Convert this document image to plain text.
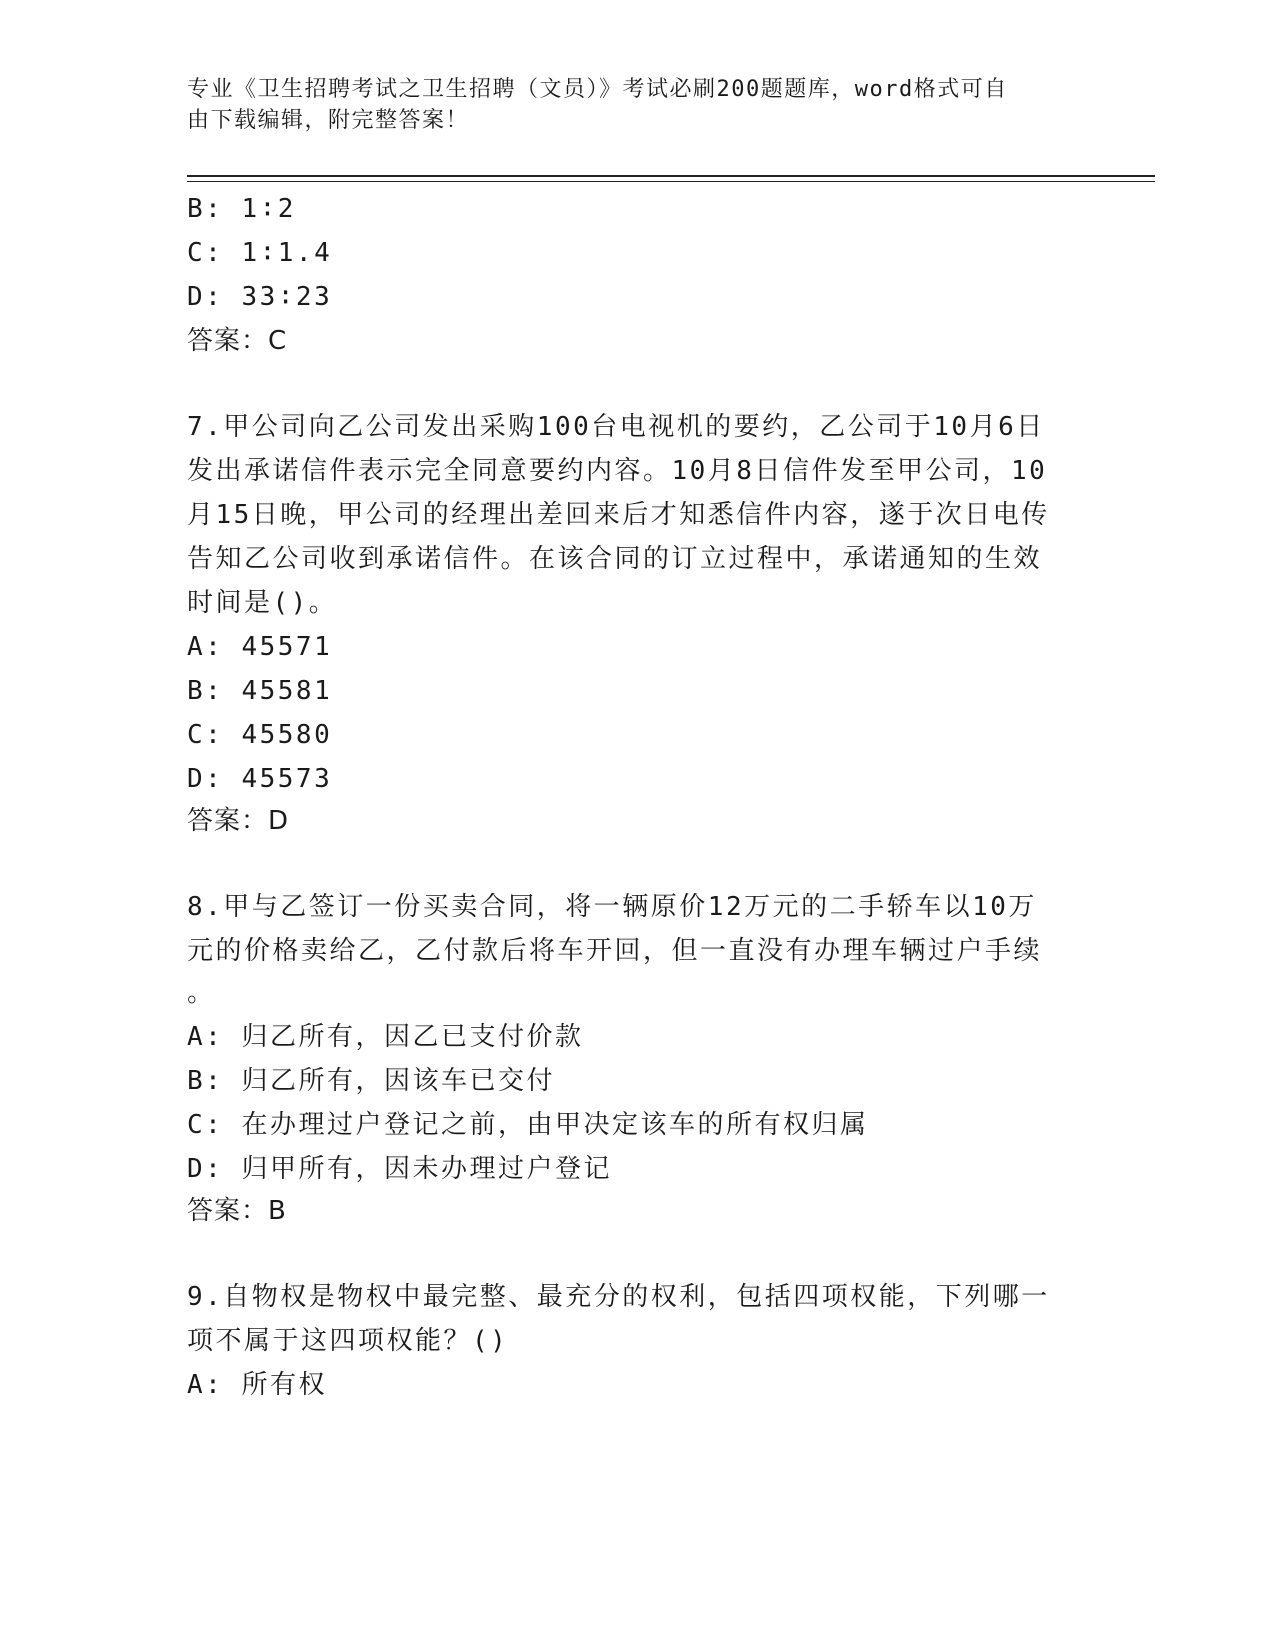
专业《卫生招聘考试之卫生招聘（文员）》考试必刷200题题库，word格式可自
由下载编辑，附完整答案！
B: 1∶2
C: 1∶1.4
D: 33∶23
答案：C
7.甲公司向乙公司发出采购100台电视机的要约，乙公司于10月6日
发出承诺信件表示完全同意要约内容。10月8日信件发至甲公司，10
月15日晚，甲公司的经理出差回来后才知悉信件内容，遂于次日电传
告知乙公司收到承诺信件。在该合同的订立过程中，承诺通知的生效
时间是()。
A: 45571
B: 45581
C: 45580
D: 45573
答案：D
8.甲与乙签订一份买卖合同，将一辆原价12万元的二手轿车以10万
元的价格卖给乙，乙付款后将车开回，但一直没有办理车辆过户手续
。
A: 归乙所有，因乙已支付价款
B: 归乙所有，因该车已交付
C: 在办理过户登记之前，由甲决定该车的所有权归属
D: 归甲所有，因未办理过户登记
答案：B
9.自物权是物权中最完整、最充分的权利，包括四项权能，下列哪一
项不属于这四项权能？()
A: 所有权
